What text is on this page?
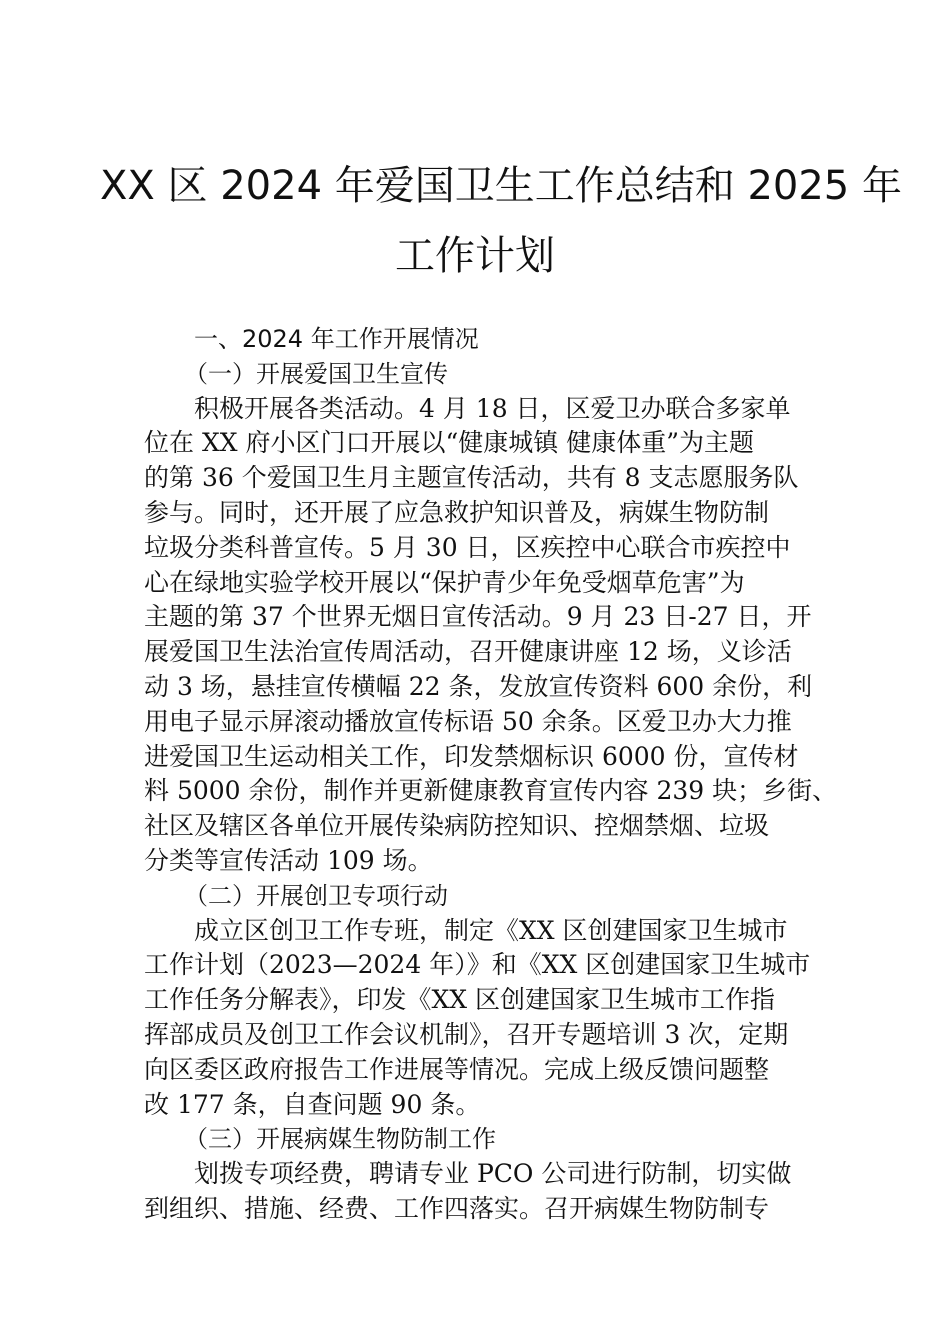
XX 区 2024 年爱国卫生工作总结和 2025 年
工作计划
一、2024 年工作开展情况
（一）开展爱国卫生宣传
积极开展各类活动。4 月 18 日，区爱卫办联合多家单
位在 XX 府小区门口开展以“健康城镇 健康体重”为主题
的第 36 个爱国卫生月主题宣传活动，共有 8 支志愿服务队
参与。同时，还开展了应急救护知识普及，病媒生物防制
垃圾分类科普宣传。5 月 30 日，区疾控中心联合市疾控中
心在绿地实验学校开展以“保护青少年免受烟草危害”为
主题的第 37 个世界无烟日宣传活动。9 月 23 日-27 日，开
展爱国卫生法治宣传周活动，召开健康讲座 12 场，义诊活
动 3 场，悬挂宣传横幅 22 条，发放宣传资料 600 余份，利
用电子显示屏滚动播放宣传标语 50 余条。区爱卫办大力推
进爱国卫生运动相关工作，印发禁烟标识 6000 份，宣传材
料 5000 余份，制作并更新健康教育宣传内容 239 块；乡街、
社区及辖区各单位开展传染病防控知识、控烟禁烟、垃圾
分类等宣传活动 109 场。
（二）开展创卫专项行动
成立区创卫工作专班，制定《XX 区创建国家卫生城市
工作计划（2023—2024 年）》和《XX 区创建国家卫生城市
工作任务分解表》，印发《XX 区创建国家卫生城市工作指
挥部成员及创卫工作会议机制》，召开专题培训 3 次，定期
向区委区政府报告工作进展等情况。完成上级反馈问题整
改 177 条，自查问题 90 条。
（三）开展病媒生物防制工作
划拨专项经费，聘请专业 PCO 公司进行防制，切实做
到组织、措施、经费、工作四落实。召开病媒生物防制专
